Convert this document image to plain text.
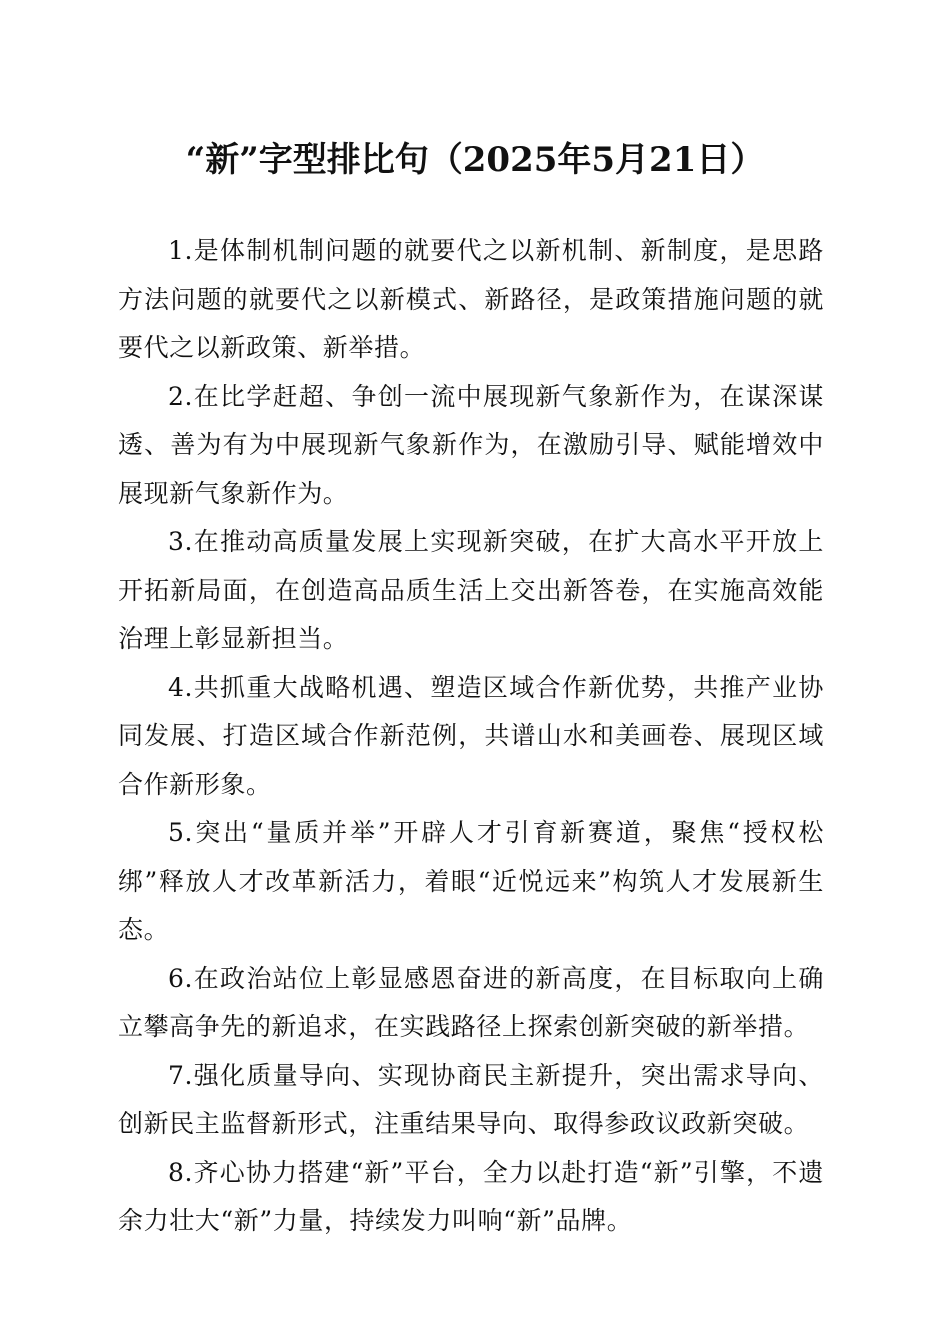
“新”字型排比句（2025年5月21日）

1.是体制机制问题的就要代之以新机制、新制度，是思路方法问题的就要代之以新模式、新路径，是政策措施问题的就要代之以新政策、新举措。

2.在比学赶超、争创一流中展现新气象新作为，在谋深谋透、善为有为中展现新气象新作为，在激励引导、赋能增效中展现新气象新作为。

3.在推动高质量发展上实现新突破，在扩大高水平开放上开拓新局面，在创造高品质生活上交出新答卷，在实施高效能治理上彰显新担当。

4.共抓重大战略机遇、塑造区域合作新优势，共推产业协同发展、打造区域合作新范例，共谱山水和美画卷、展现区域合作新形象。

5.突出“量质并举”开辟人才引育新赛道，聚焦“授权松绑”释放人才改革新活力，着眼“近悦远来”构筑人才发展新生态。

6.在政治站位上彰显感恩奋进的新高度，在目标取向上确立攀高争先的新追求，在实践路径上探索创新突破的新举措。

7.强化质量导向、实现协商民主新提升，突出需求导向、创新民主监督新形式，注重结果导向、取得参政议政新突破。

8.齐心协力搭建“新”平台，全力以赴打造“新”引擎，不遗余力壮大“新”力量，持续发力叫响“新”品牌。
